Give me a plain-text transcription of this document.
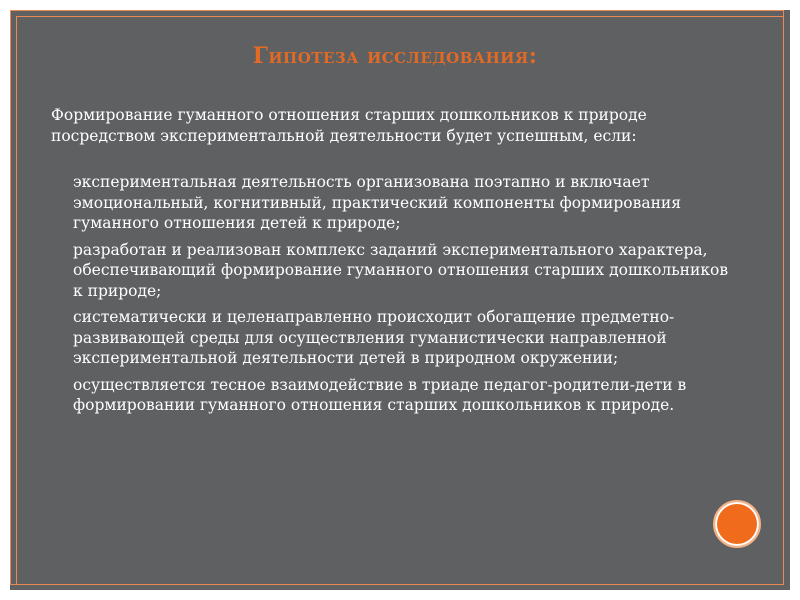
Гипотеза исследования:

Формирование гуманного отношения старших дошкольников к природе посредством экспериментальной деятельности будет успешным, если:

экспериментальная деятельность организована поэтапно и включает эмоциональный, когнитивный, практический компоненты формирования гуманного отношения детей к природе;
разработан и реализован комплекс заданий экспериментального характера, обеспечивающий формирование гуманного отношения старших дошкольников к природе;
систематически и целенаправленно происходит обогащение предметно-развивающей среды для осуществления гуманистически направленной экспериментальной деятельности детей в природном окружении;
осуществляется тесное взаимодействие в триаде педагог-родители-дети в формировании гуманного отношения старших дошкольников к природе.
